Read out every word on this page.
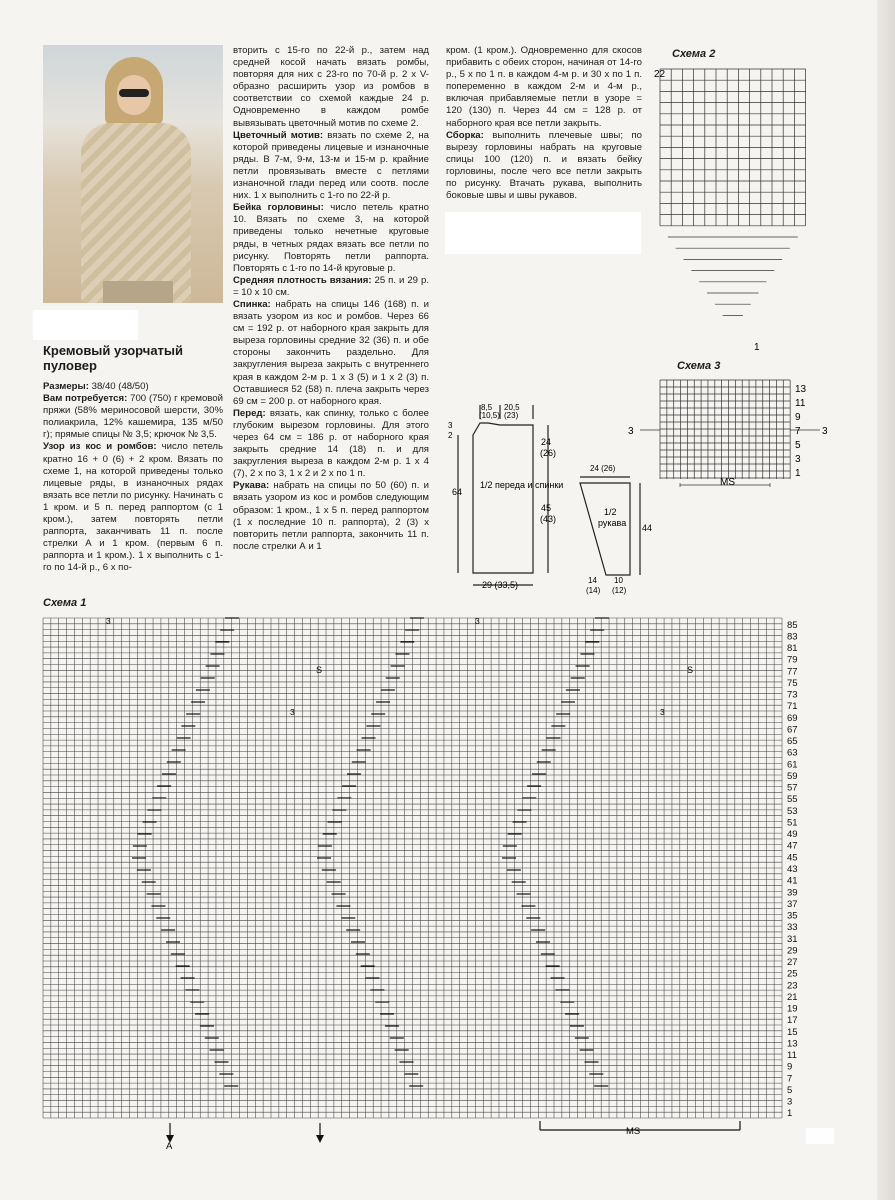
Кремовый узорчатый пуловер

Размеры: 38/40 (48/50)

Вам потребуется: 700 (750) г кремовой пряжи (58% мериносовой шерсти, 30% полиакрила, 12% кашемира, 135 м/50 г); прямые спицы № 3,5; крючок № 3,5.

Узор из кос и ромбов: число петель кратно 16 + 0 (6) + 2 кром. Вязать по схеме 1, на которой приведены только лицевые ряды, в изнаночных рядах вязать все петли по рисунку. Начинать с 1 кром. и 5 п. перед раппортом (с 1 кром.), затем повторять петли раппорта, заканчивать 11 п. после стрелки А и 1 кром. (первым 6 п. раппорта и 1 кром.). 1 х выполнить с 1-го по 14-й р., 6 х по-

вторить с 15-го по 22-й р., затем над средней косой начать вязать ромбы, повторяя для них с 23-го по 70-й р. 2 х V-образно расширить узор из ромбов в соответствии со схемой каждые 24 р. Одновременно в каждом ромбе вывязывать цветочный мотив по схеме 2.

Цветочный мотив: вязать по схеме 2, на которой приведены лицевые и изнаночные ряды. В 7-м, 9-м, 13-м и 15-м р. крайние петли провязывать вместе с петлями изнаночной глади перед или соотв. после них. 1 х выполнить с 1-го по 22-й р.

Бейка горловины: число петель кратно 10. Вязать по схеме 3, на которой приведены только нечетные круговые ряды, в четных рядах вязать все петли по рисунку. Повторять петли раппорта. Повторять с 1-го по 14-й круговые р.

Средняя плотность вязания: 25 п. и 29 р. = 10 х 10 см.

Спинка: набрать на спицы 146 (168) п. и вязать узором из кос и ромбов. Через 66 см = 192 р. от наборного края закрыть для выреза горловины средние 32 (36) п. и обе стороны закончить раздельно. Для закругления выреза закрыть с внутреннего края в каждом 2-м р. 1 х 3 (5) и 1 х 2 (3) п. Оставшиеся 52 (58) п. плеча закрыть через 69 см = 200 р. от наборного края.

Перед: вязать, как спинку, только с более глубоким вырезом горловины. Для этого через 64 см = 186 р. от наборного края закрыть средние 14 (18) п. и для закругления выреза в каждом 2-м р. 1 х 4 (7), 2 х по 3, 1 х 2 и 2 х по 1 п.

Рукава: набрать на спицы по 50 (60) п. и вязать узором из кос и ромбов следующим образом: 1 кром., 1 х 5 п. перед раппортом (1 х последние 10 п. раппорта), 2 (3) х повторить петли раппорта, закончить 11 п. после стрелки А и 1

кром. (1 кром.). Одновременно для скосов прибавить с обеих сторон, начиная от 14-го р., 5 х по 1 п. в каждом 4-м р. и 30 х по 1 п. попеременно в каждом 2-м и 4-м р., включая прибавляемые петли в узоре = 120 (130) п. Через 44 см = 128 р. от наборного края все петли закрыть.

Сборка: выполнить плечевые швы; по вырезу горловины набрать на круговые спицы 100 (120) п. и вязать бейку горловины, после чего все петли закрыть по рисунку. Втачать рукава, выполнить боковые швы и швы рукавов.

Схема 2
22
1
Схема 3
13
11
9
7
5
3
1
3	3
MS
8,5
(10,5)
20,5
(23)
3
2
64
24
(26)
45
(43)
1/2 переда и спинки
29 (33,5)
24 (26)
1/2
рукава 44
14
(14)
10
(12)
Схема 1
85
83
81
79
77
75
73
71
69
67
65
63
61
59
57
55
53
51
49
47
45
43
41
39
37
35
33
31
29
27
25
23
21
19
17
15
13
11
9
7
5
3
1
A
MS
S	S
3	3
3	3
